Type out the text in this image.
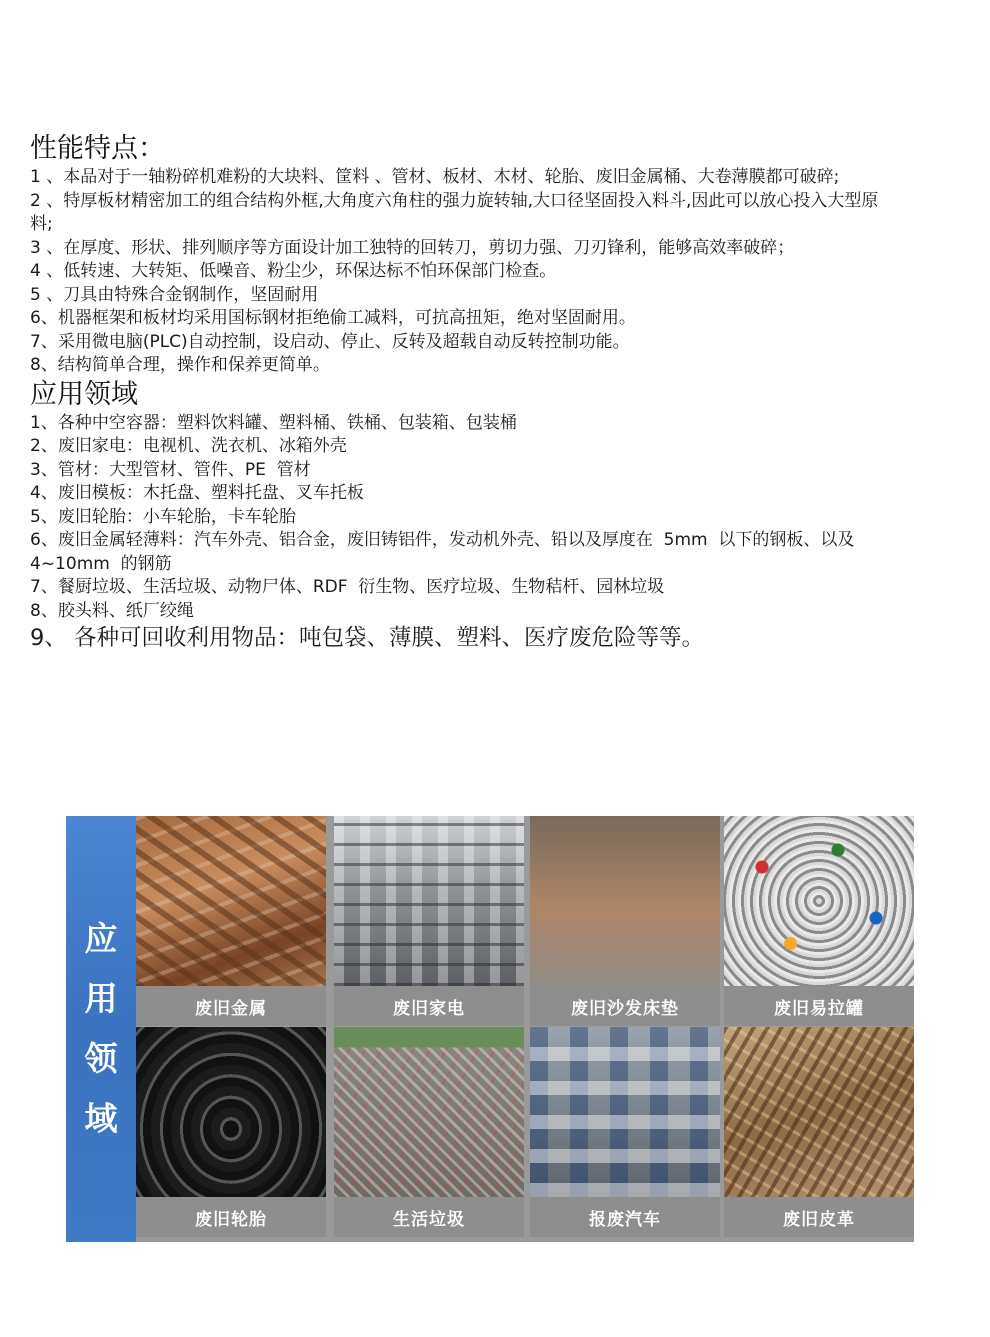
性能特点：

1 、本品对于一轴粉碎机难粉的大块料、筐料 、管材、板材、木材、轮胎、废旧金属桶、大卷薄膜都可破碎;

2 、特厚板材精密加工的组合结构外框,大角度六角柱的强力旋转轴,大口径坚固投入料斗,因此可以放心投入大型原料;

3 、在厚度、形状、排列顺序等方面设计加工独特的回转刀，剪切力强、刀刃锋利，能够高效率破碎；

4 、低转速、大转矩、低噪音、粉尘少，环保达标不怕环保部门检查。

5 、刀具由特殊合金钢制作，坚固耐用

6、机器框架和板材均采用国标钢材拒绝偷工减料，可抗高扭矩，绝对坚固耐用。

7、采用微电脑(PLC)自动控制，设启动、停止、反转及超载自动反转控制功能。

8、结构简单合理，操作和保养更简单。

应用领域

1、各种中空容器：塑料饮料罐、塑料桶、铁桶、包装箱、包装桶

2、废旧家电：电视机、洗衣机、冰箱外壳

3、管材：大型管材、管件、PE  管材

4、废旧模板：木托盘、塑料托盘、叉车托板

5、废旧轮胎：小车轮胎，卡车轮胎

6、废旧金属轻薄料：汽车外壳、铝合金，废旧铸铝件，发动机外壳、铅以及厚度在  5mm  以下的钢板、以及  4~10mm  的钢筋

7、餐厨垃圾、生活垃圾、动物尸体、RDF  衍生物、医疗垃圾、生物秸杆、园林垃圾

8、胶头料、纸厂绞绳

9、 各种可回收利用物品：吨包袋、薄膜、塑料、医疗废危险等等。

应
用
领
域
废旧金属	废旧家电	废旧沙发床垫	废旧易拉罐
废旧轮胎	生活垃圾	报废汽车	废旧皮革
